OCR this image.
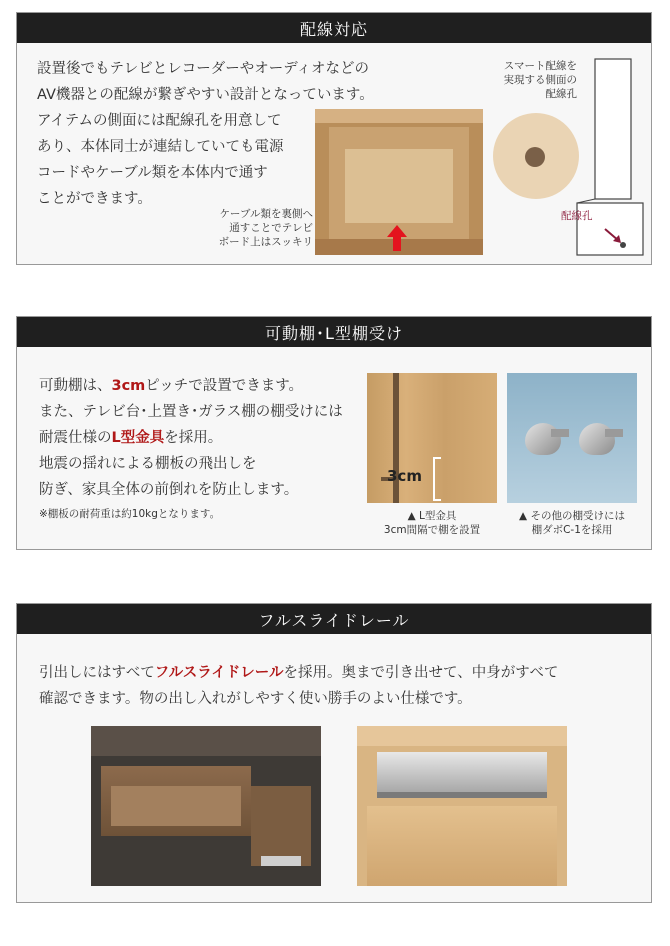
配線対応
設置後でもテレビとレコーダーやオーディオなどの
AV機器との配線が繋ぎやすい設計となっています。
アイテムの側面には配線孔を用意して
あり、本体同士が連結していても電源
コードやケーブル類を本体内で通す
ことができます。
ケーブル類を裏側へ
通すことでテレビ
ボード上はスッキリ
スマート配線を
実現する側面の
配線孔
配線孔
可動棚･L型棚受け
可動棚は、3cmピッチで設置できます。
また、テレビ台･上置き･ガラス棚の棚受けには
耐震仕様のL型金具を採用。
地震の揺れによる棚板の飛出しを
防ぎ、家具全体の前倒れを防止します。
※棚板の耐荷重は約10kgとなります。
3cm
▲ L型金具
3cm間隔で棚を設置
▲ その他の棚受けには
棚ダボC-1を採用
フルスライドレール
引出しにはすべてフルスライドレールを採用。奥まで引き出せて、中身がすべて
確認できます。物の出し入れがしやすく使い勝手のよい仕様です。
